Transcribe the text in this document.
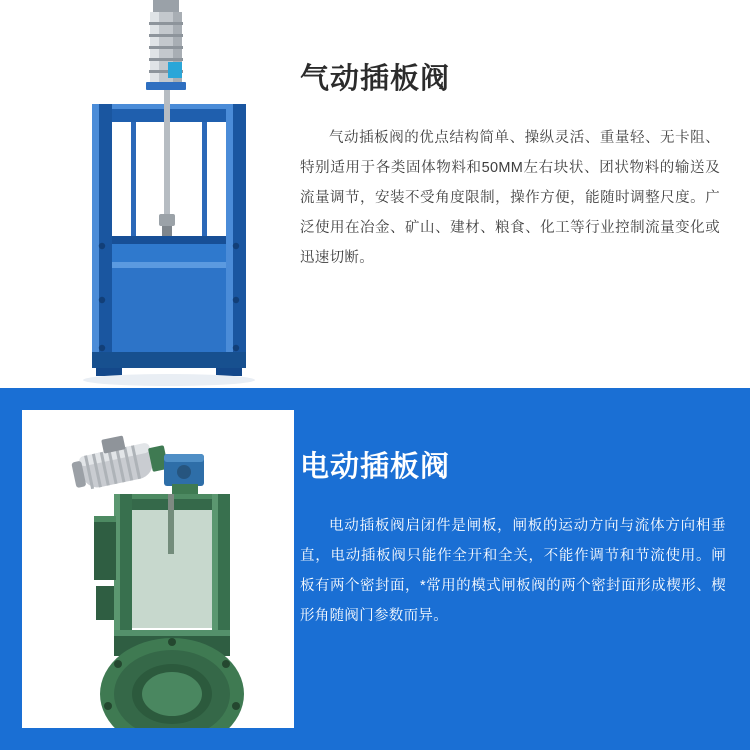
气动插板阀

气动插板阀的优点结构简单、操纵灵活、重量轻、无卡阻、特别适用于各类固体物料和50MM左右块状、团状物料的输送及流量调节，安装不受角度限制，操作方便，能随时调整尺度。广泛使用在冶金、矿山、建材、粮食、化工等行业控制流量变化或迅速切断。

电动插板阀

电动插板阀启闭件是闸板，闸板的运动方向与流体方向相垂直，电动插板阀只能作全开和全关，不能作调节和节流使用。闸板有两个密封面，*常用的模式闸板阀的两个密封面形成楔形、楔形角随阀门参数而异。
